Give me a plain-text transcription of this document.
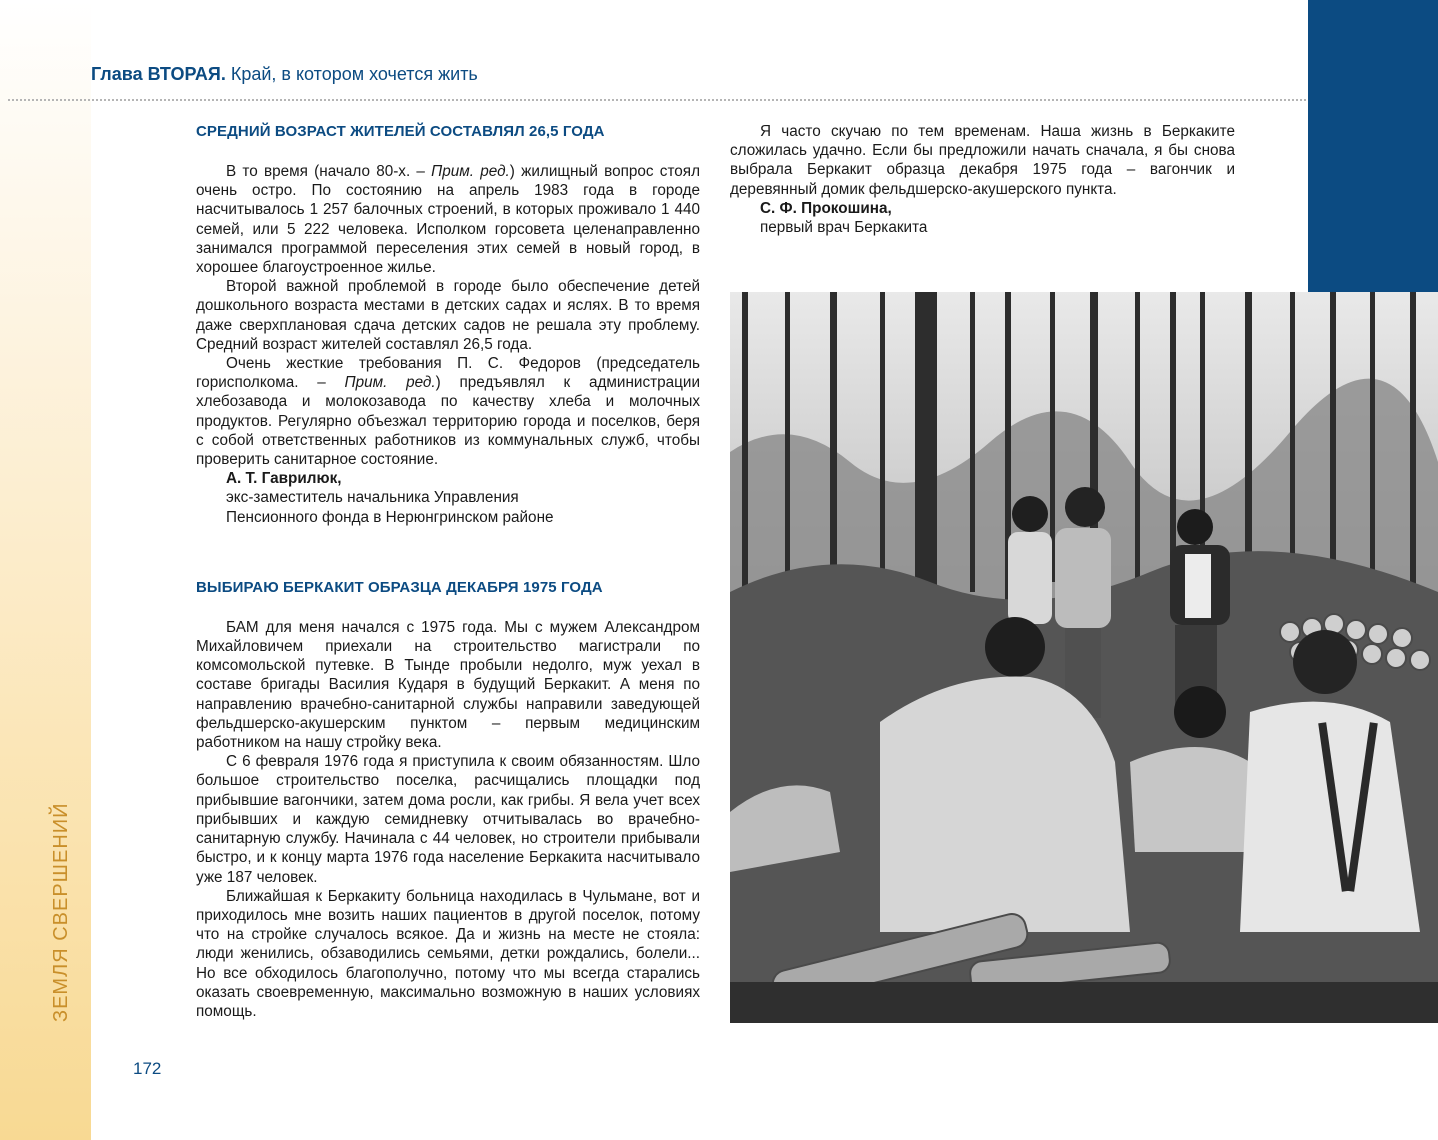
ЗЕМЛЯ СВЕРШЕНИЙ
Глава ВТОРАЯ. Край, в котором хочется жить

СРЕДНИЙ ВОЗРАСТ ЖИТЕЛЕЙ СОСТАВЛЯЛ 26,5 ГОДА

В то время (начало 80-х. – Прим. ред.) жилищный вопрос стоял очень остро. По состоянию на апрель 1983 года в городе насчитывалось 1 257 балочных строений, в которых проживало 1 440 семей, или 5 222 человека. Исполком горсовета целенаправленно занимался программой переселения этих семей в новый город, в хорошее благоустроенное жилье.

Второй важной проблемой в городе было обеспечение детей дошкольного возраста местами в детских садах и яслях. В то время даже сверхплановая сдача детских садов не решала эту проблему. Средний возраст жителей составлял 26,5 года.

Очень жесткие требования П. С. Федоров (председатель горисполкома. – Прим. ред.) предъявлял к администрации хлебозавода и молокозавода по качеству хлеба и молочных продуктов. Регулярно объезжал территорию города и поселков, беря с собой ответственных работников из коммунальных служб, чтобы проверить санитарное состояние.

А. Т. Гаврилюк,

экс-заместитель начальника Управления

Пенсионного фонда в Нерюнгринском районе

ВЫБИРАЮ БЕРКАКИТ ОБРАЗЦА ДЕКАБРЯ 1975 ГОДА

БАМ для меня начался с 1975 года. Мы с мужем Александром Михайловичем приехали на строительство магистрали по комсомольской путевке. В Тынде пробыли недолго, муж уехал в составе бригады Василия Кударя в будущий Беркакит. А меня по направлению врачебно-санитарной службы направили заведующей фельдшерско-акушерским пунктом – первым медицинским работником на нашу стройку века.

С 6 февраля 1976 года я приступила к своим обязанностям. Шло большое строительство поселка, расчищались площадки под прибывшие вагончики, затем дома росли, как грибы. Я вела учет всех прибывших и каждую семидневку отчитывалась во врачебно-санитарную службу. Начинала с 44 человек, но строители прибывали быстро, и к концу марта 1976 года население Беркакита насчитывало уже 187 человек.

Ближайшая к Беркакиту больница находилась в Чульмане, вот и приходилось мне возить наших пациентов в другой поселок, потому что на стройке случалось всякое. Да и жизнь на месте не стояла: люди женились, обзаводились семьями, детки рождались, болели... Но все обходилось благополучно, потому что мы всегда старались оказать своевременную, максимально возможную в наших условиях помощь.

Я часто скучаю по тем временам. Наша жизнь в Беркаките сложилась удачно. Если бы предложили начать сначала, я бы снова выбрала Беркакит образца декабря 1975 года – вагончик и деревянный домик фельдшерско-акушерского пункта.

С. Ф. Прокошина,

первый врач Беркакита

172
